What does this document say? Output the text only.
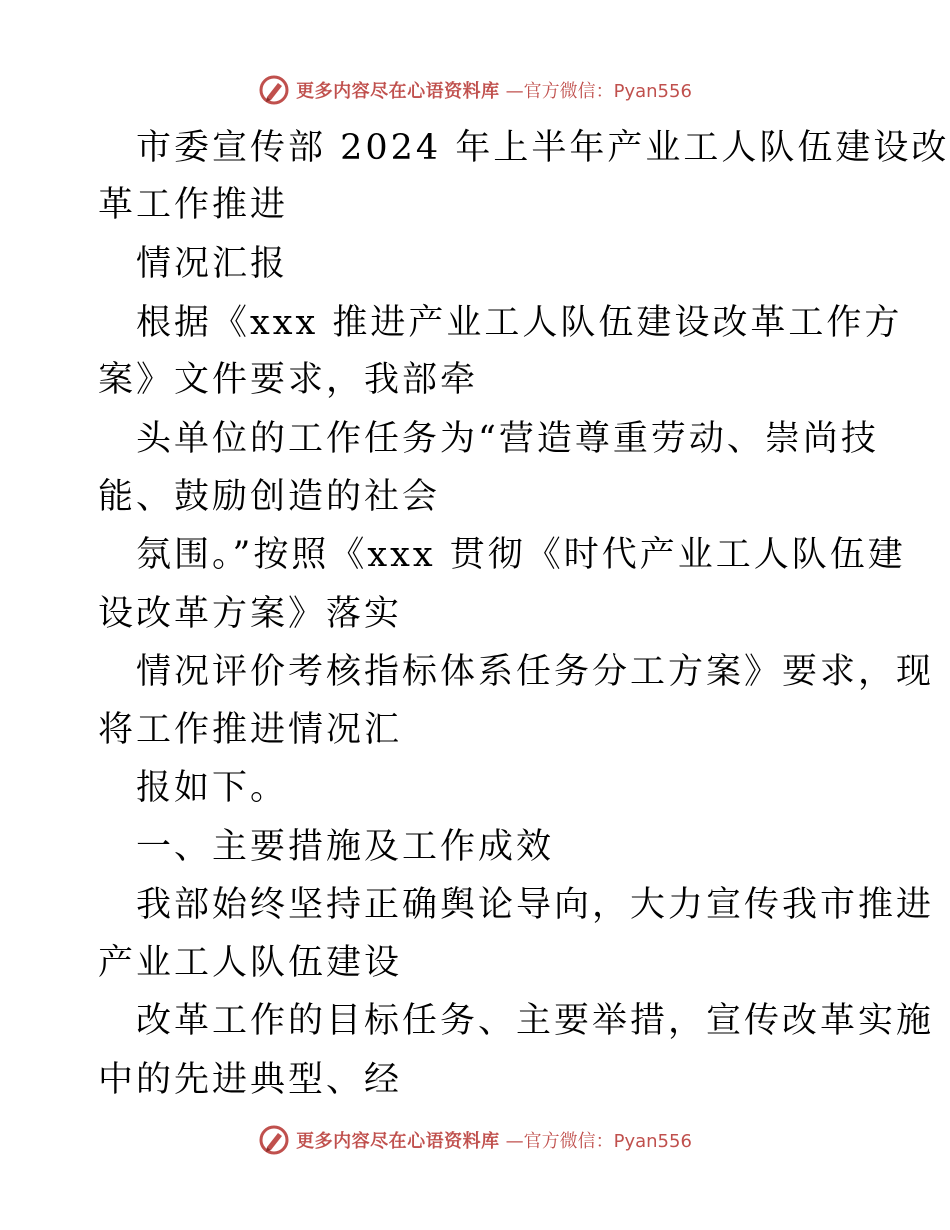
更多内容尽在心语资料库 —官方微信：Pyan556
市委宣传部 2024 年上半年产业工人队伍建设改
革工作推进
情况汇报
根据《xxx 推进产业工人队伍建设改革工作方
案》文件要求，我部牵
头单位的工作任务为“营造尊重劳动、崇尚技
能、鼓励创造的社会
氛围。”按照《xxx 贯彻《时代产业工人队伍建
设改革方案》落实
情况评价考核指标体系任务分工方案》要求，现
将工作推进情况汇
报如下。
一、主要措施及工作成效
我部始终坚持正确舆论导向，大力宣传我市推进
产业工人队伍建设
改革工作的目标任务、主要举措，宣传改革实施
中的先进典型、经
更多内容尽在心语资料库 —官方微信：Pyan556
